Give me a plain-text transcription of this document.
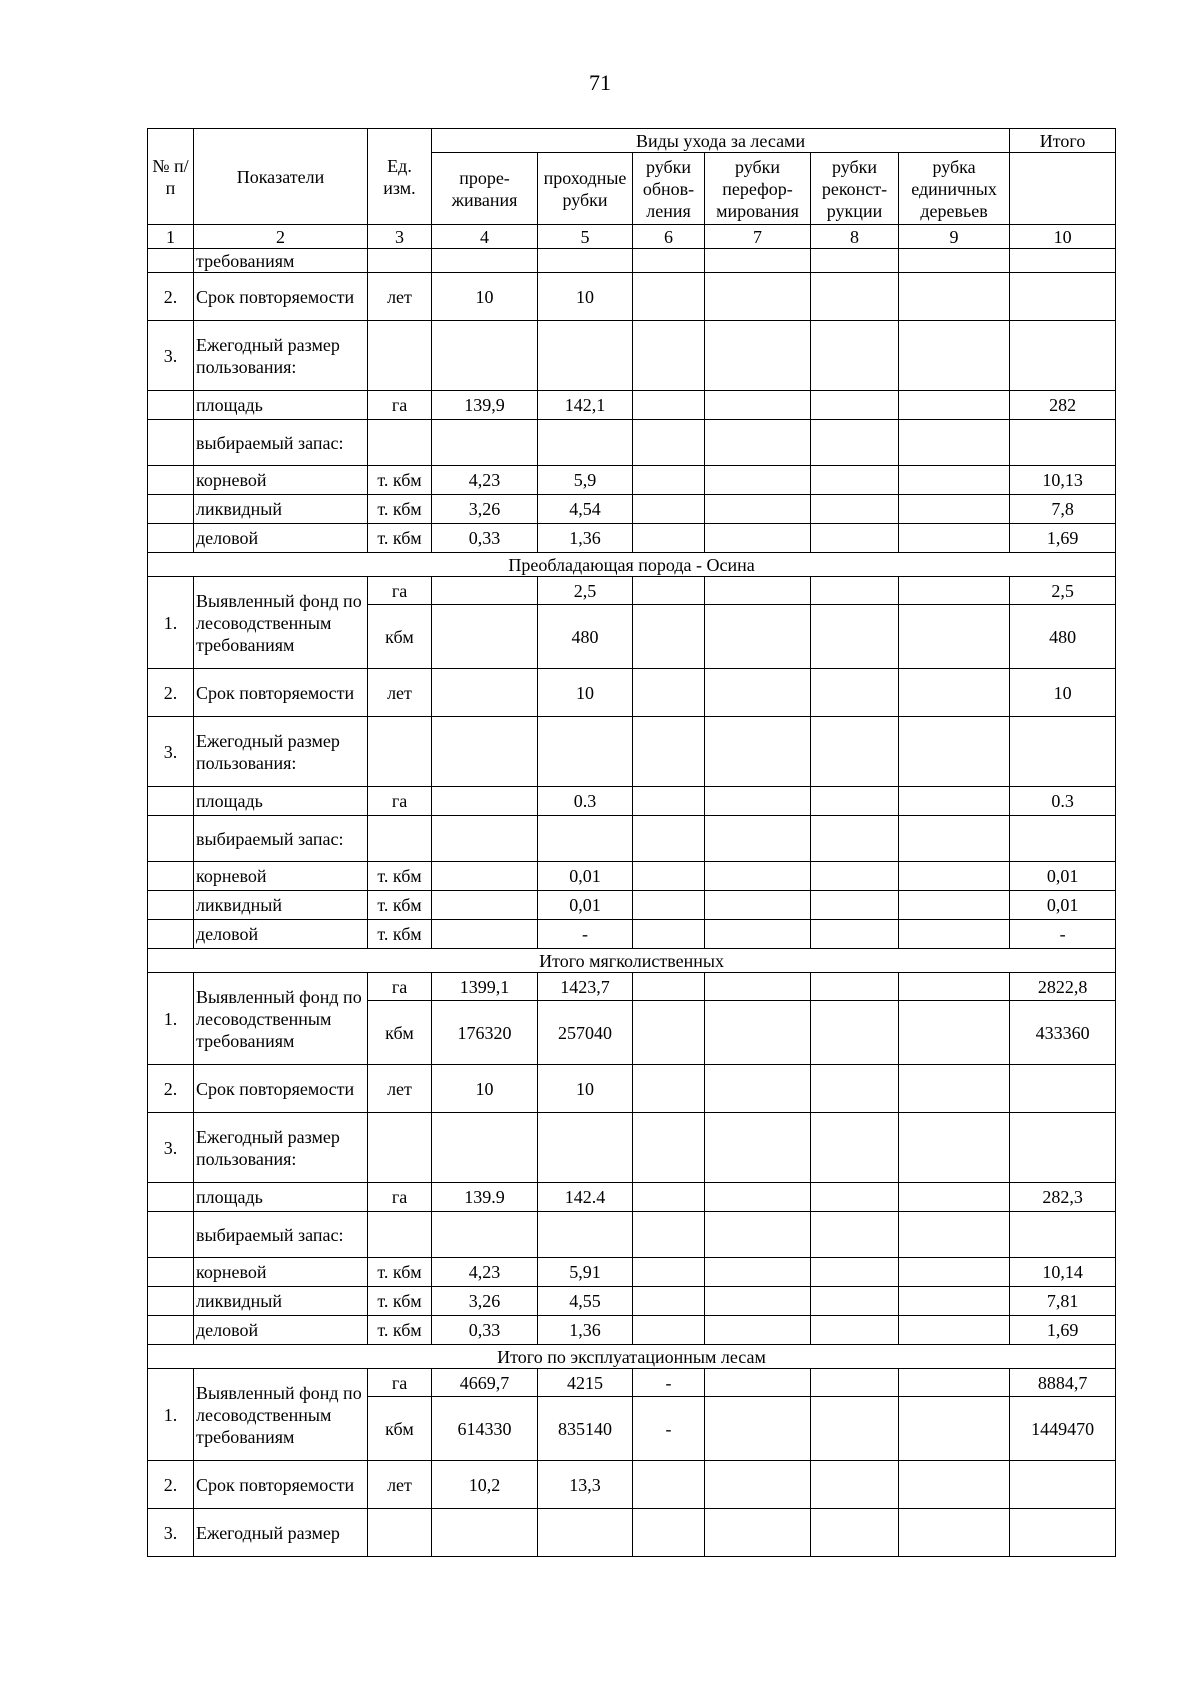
71
№ п/п	Показатели	Ед. изм.	Виды ухода за лесами						Итого
			проре-живания	проходные рубки	рубки обнов-ления	рубки перефор-мирования	рубки реконст-рукции	рубка единичных деревьев	

1	2	3	4	5	6	7	8	9	10
	требованиям								
2.	Срок повторяемости	лет	10	10					
3.	Ежегодный размер пользования:								
	площадь	га	139,9	142,1					282
	выбираемый запас:								
	корневой	т. кбм	4,23	5,9					10,13
	ликвидный	т. кбм	3,26	4,54					7,8
	деловой	т. кбм	0,33	1,36					1,69
Преобладающая порода - Осина									
1.	Выявленный фонд по лесоводственным требованиям	га		2,5					2,5
		кбм		480					480
2.	Срок повторяемости	лет		10					10
3.	Ежегодный размер пользования:								
	площадь	га		0.3					0.3
	выбираемый запас:								
	корневой	т. кбм		0,01					0,01
	ликвидный	т. кбм		0,01					0,01
	деловой	т. кбм		-					-
Итого мягколиственных									
1.	Выявленный фонд по лесоводственным требованиям	га	1399,1	1423,7					2822,8
		кбм	176320	257040					433360
2.	Срок повторяемости	лет	10	10					
3.	Ежегодный размер пользования:								
	площадь	га	139.9	142.4					282,3
	выбираемый запас:								
	корневой	т. кбм	4,23	5,91					10,14
	ликвидный	т. кбм	3,26	4,55					7,81
	деловой	т. кбм	0,33	1,36					1,69
Итого по эксплуатационным лесам									
1.	Выявленный фонд по лесоводственным требованиям	га	4669,7	4215	-				8884,7
		кбм	614330	835140	-				1449470
2.	Срок повторяемости	лет	10,2	13,3					
3.	Ежегодный размер								
